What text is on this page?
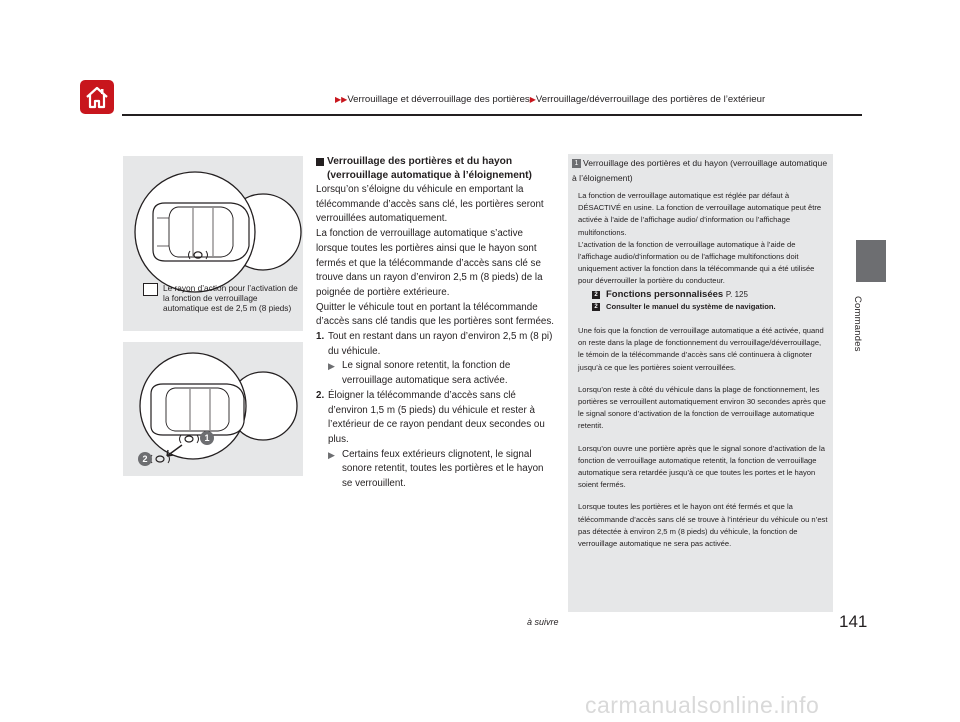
▶▶Verrouillage et déverrouillage des portières▶Verrouillage/déverrouillage des portières de l’extérieur
Commandes
Le rayon d’action pour l’activation de la fonction de verrouillage automatique est de 2,5 m (8 pieds)
1
2
Verrouillage des portières et du hayon
(verrouillage automatique à l’éloignement)

Lorsqu’on s’éloigne du véhicule en emportant la télécommande d’accès sans clé, les portières seront verrouillées automatiquement.

La fonction de verrouillage automatique s’active lorsque toutes les portières ainsi que le hayon sont fermés et que la télécommande d’accès sans clé se trouve dans un rayon d’environ 2,5 m (8 pieds) de la poignée de portière extérieure.

Quitter le véhicule tout en portant la télécommande d’accès sans clé tandis que les portières sont fermées.

1. Tout en restant dans un rayon d’environ 2,5 m (8 pi) du véhicule.
▶ Le signal sonore retentit, la fonction de verrouillage automatique sera activée.
2. Éloigner la télécommande d’accès sans clé d’environ 1,5 m (5 pieds) du véhicule et rester à l’extérieur de ce rayon pendant deux secondes ou plus.
▶ Certains feux extérieurs clignotent, le signal sonore retentit, toutes les portières et le hayon se verrouillent.
1 Verrouillage des portières et du hayon (verrouillage automatique à l’éloignement)

La fonction de verrouillage automatique est réglée par défaut à DÉSACTIVÉ en usine. La fonction de verrouillage automatique peut être activée à l’aide de l’affichage audio/ d’information ou l’affichage multifonctions.

L’activation de la fonction de verrouillage automatique à l’aide de l’affichage audio/d’information ou de l’affichage multifonctions doit uniquement activer la fonction dans la télécommande qui a été utilisée pour déverrouiller la portière du conducteur.

2 Fonctions personnalisées P. 125
2	Consulter le manuel du système de navigation.

Une fois que la fonction de verrouillage automatique a été activée, quand on reste dans la plage de fonctionnement du verrouillage/déverrouillage, le témoin de la télécommande d’accès sans clé continuera à clignoter jusqu’à ce que les portières soient verrouillées.

Lorsqu’on reste à côté du véhicule dans la plage de fonctionnement, les portières se verrouillent automatiquement environ 30 secondes après que le signal sonore d’activation de la fonction de verrouillage automatique retentit.

Lorsqu’on ouvre une portière après que le signal sonore d’activation de la fonction de verrouillage automatique retentit, la fonction de verrouillage automatique sera retardée jusqu’à ce que toutes les portes et le hayon soient fermés.

Lorsque toutes les portières et le hayon ont été fermés et que la télécommande d’accès sans clé se trouve à l’intérieur du véhicule ou n’est pas détectée à environ 2,5 m (8 pieds) du véhicule, la fonction de verrouillage automatique ne sera pas activée.

à suivre	141
carmanualsonline.info
